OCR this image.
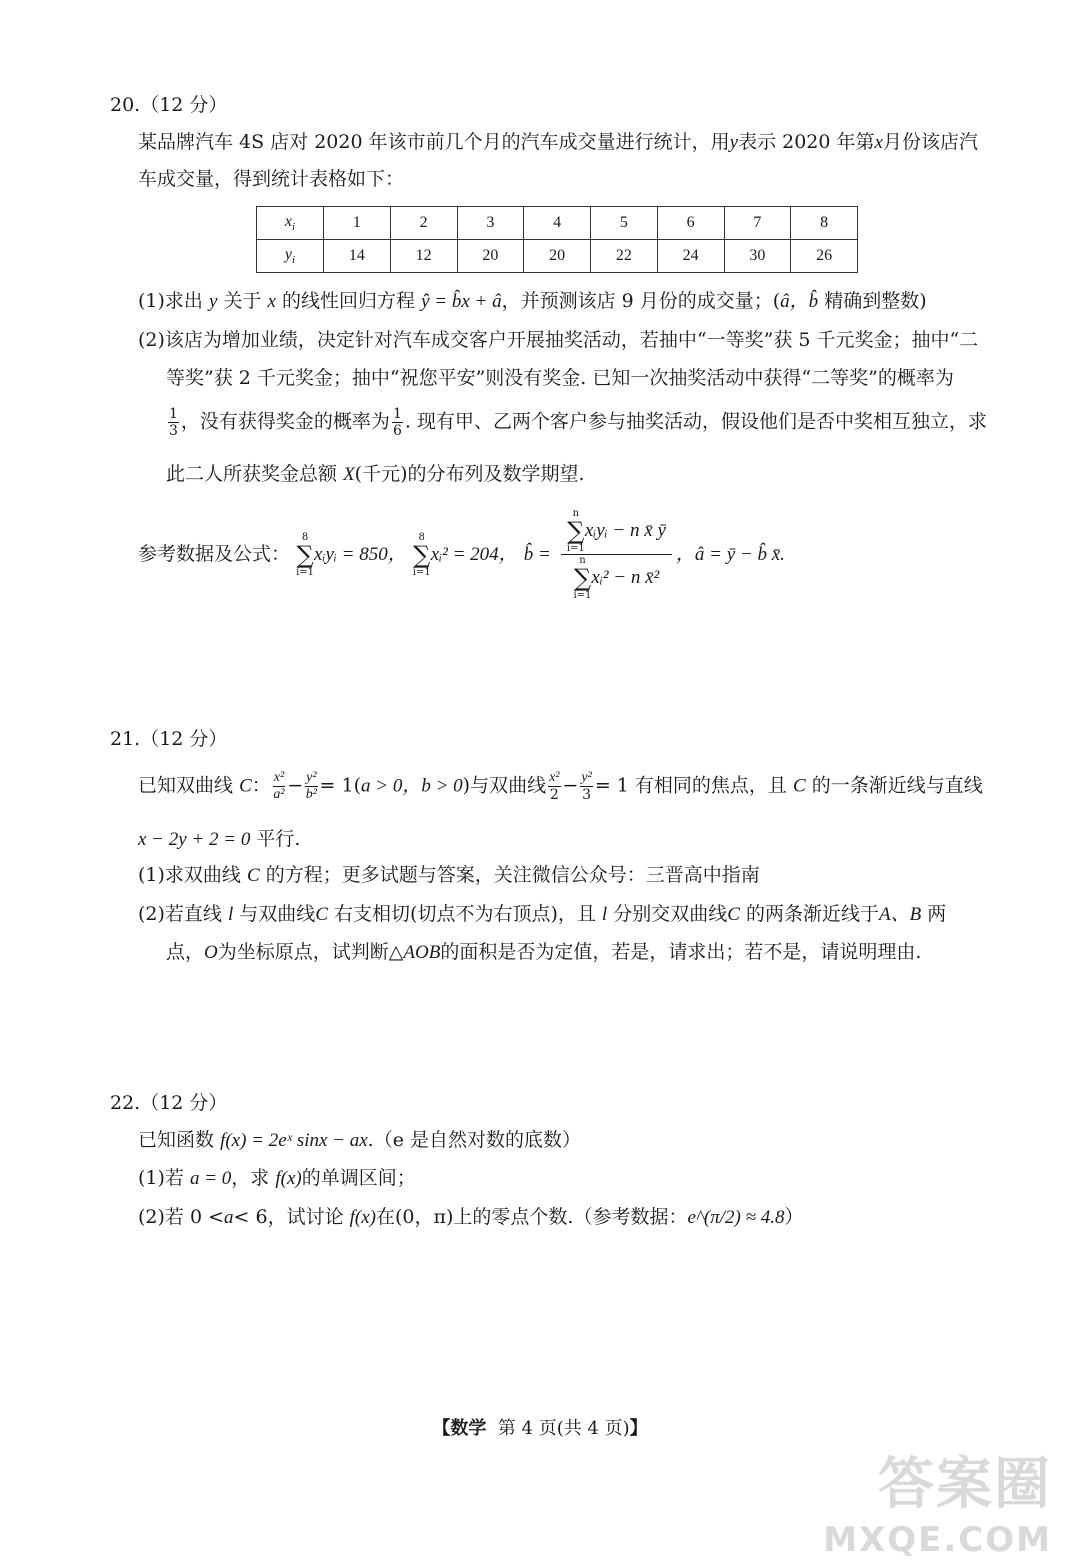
20.（12 分）
某品牌汽车 4S 店对 2020 年该市前几个月的汽车成交量进行统计，用y表示 2020 年第x月份该店汽
车成交量，得到统计表格如下：
$x_i$	1	2	3	4	5	6	7	8
$y_i$	14	12	20	20	22	24	30	26
(1)求出 y 关于 x 的线性回归方程 ŷ = b̂x + â，并预测该店 9 月份的成交量；(â，b̂ 精确到整数)
(2)该店为增加业绩，决定针对汽车成交客户开展抽奖活动，若抽中“一等奖”获 5 千元奖金；抽中“二
等奖”获 2 千元奖金；抽中“祝您平安”则没有奖金. 已知一次抽奖活动中获得“二等奖”的概率为
$\frac{1}{3}$ ，没有获得奖金的概率为 $\frac{1}{6}$ . 现有甲、乙两个客户参与抽奖活动，假设他们是否中奖相互独立，求
此二人所获奖金总额 X(千元)的分布列及数学期望.
参考数据及公式：
8
∑
i=1
xᵢyᵢ = 850，
8
∑
i=1
xᵢ² = 204， b̂ =
n
∑
i=1
xᵢyᵢ − n x̄ ȳ
n
∑
i=1
xᵢ² − n x̄²
，â = ȳ − b̂ x̄.
21.（12 分）
已知双曲线 C： $\frac{\text{x²}}{\text{a²}} - \frac{\text{y²}}{\text{b²}} = 1(a > 0$，b > 0)与双曲线 $\frac{\text{x²}}{2} - \frac{\text{y²}}{3} = 1$ 有相同的焦点，且 C 的一条渐近线与直线
x − 2y + 2 = 0 平行.
(1)求双曲线 C 的方程；更多试题与答案，关注微信公众号：三晋高中指南
(2)若直线 l 与双曲线C 右支相切(切点不为右顶点)，且 l 分别交双曲线C 的两条渐近线于A、B 两
点，O为坐标原点，试判断△AOB的面积是否为定值，若是，请求出；若不是，请说明理由.
22.（12 分）
已知函数 f(x) = 2eˣ sinx − ax.（e 是自然对数的底数）
(1)若 a = 0，求 f(x)的单调区间；
(2)若 0 <a< 6，试讨论 f(x)在(0，π)上的零点个数.（参考数据：e^(π/2) ≈ 4.8）
【数学 第 4 页(共 4 页)】
答案圈
MXQE.COM
